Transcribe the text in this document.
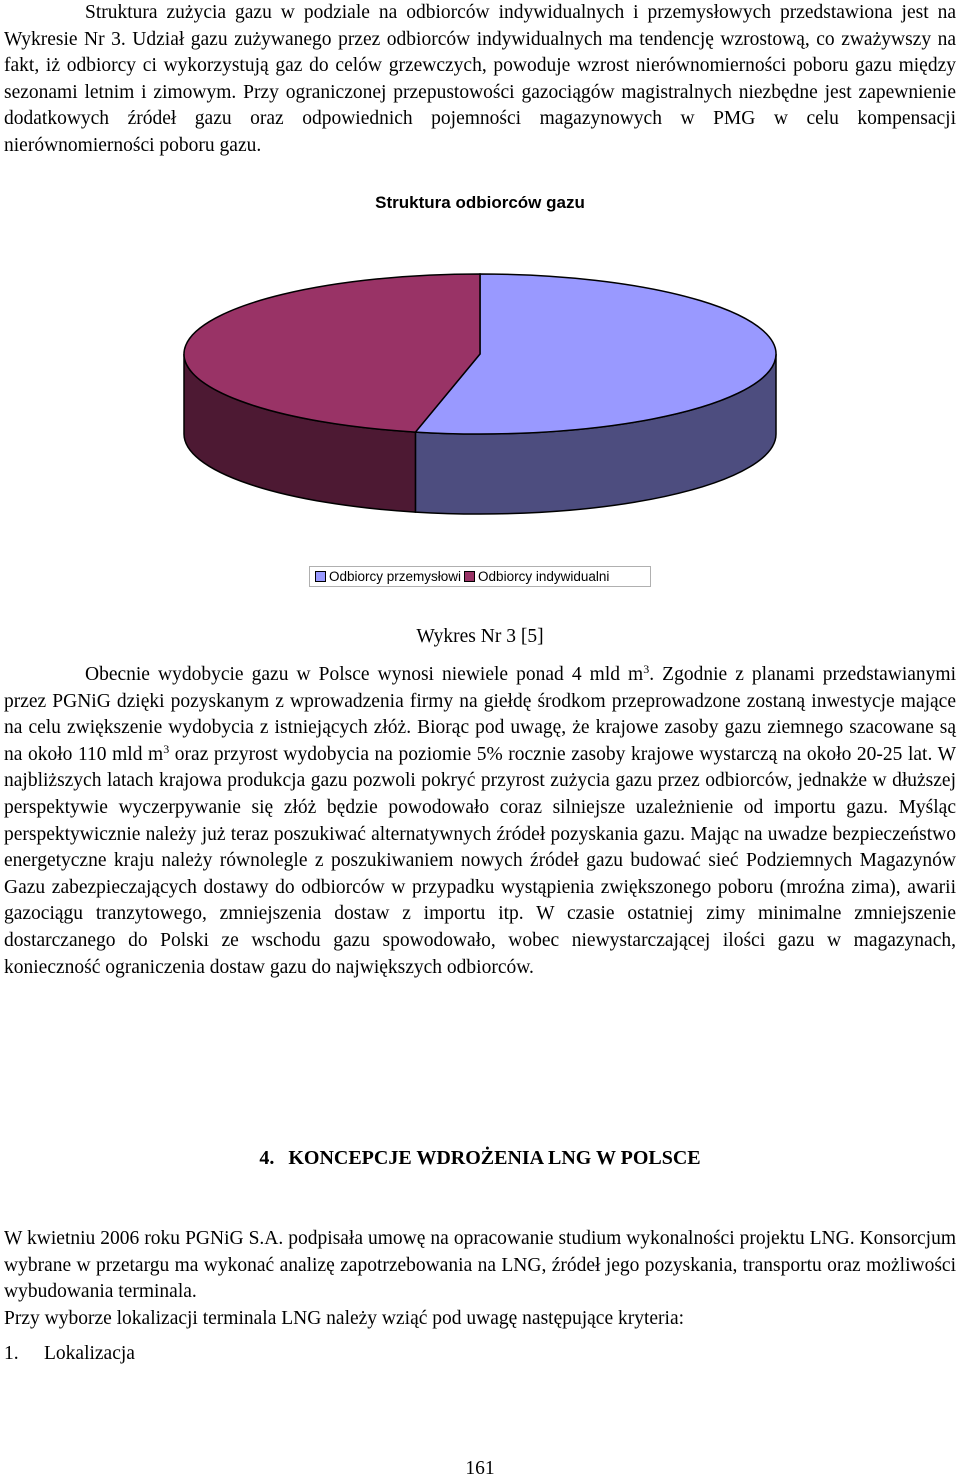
Struktura zużycia gazu w podziale na odbiorców indywidualnych i przemysłowych przedstawiona jest na Wykresie Nr 3. Udział gazu zużywanego przez odbiorców indywidualnych ma tendencję wzrostową, co zważywszy na fakt, iż odbiorcy ci wykorzystują gaz do celów grzewczych, powoduje wzrost nierównomierności poboru gazu między sezonami letnim i zimowym. Przy ograniczonej przepustowości gazociągów magistralnych niezbędne jest zapewnienie dodatkowych źródeł gazu oraz odpowiednich pojemności magazynowych w PMG w celu kompensacji nierównomierności poboru gazu.

Struktura odbiorców gazu
Odbiorcy przemysłowi Odbiorcy indywidualni
Wykres Nr 3 [5]

Obecnie wydobycie gazu w Polsce wynosi niewiele ponad 4 mld $m^3$. Zgodnie z planami przedstawianymi przez PGNiG dzięki pozyskanym z wprowadzenia firmy na giełdę środkom przeprowadzone zostaną inwestycje mające na celu zwiększenie wydobycia z istniejących złóż. Biorąc pod uwagę, że krajowe zasoby gazu ziemnego szacowane są na około 110 mld $m^3$ oraz przyrost wydobycia na poziomie 5% rocznie zasoby krajowe wystarczą na około 20-25 lat. W najbliższych latach krajowa produkcja gazu pozwoli pokryć przyrost zużycia gazu przez odbiorców, jednakże w dłuższej perspektywie wyczerpywanie się złóż będzie powodowało coraz silniejsze uzależnienie od importu gazu. Myśląc perspektywicznie należy już teraz poszukiwać alternatywnych źródeł pozyskania gazu. Mając na uwadze bezpieczeństwo energetyczne kraju należy równolegle z poszukiwaniem nowych źródeł gazu budować sieć Podziemnych Magazynów Gazu zabezpieczających dostawy do odbiorców w przypadku wystąpienia zwiększonego poboru (mroźna zima), awarii gazociągu tranzytowego, zmniejszenia dostaw z importu itp. W czasie ostatniej zimy minimalne zmniejszenie dostarczanego do Polski ze wschodu gazu spowodowało, wobec niewystarczającej ilości gazu w magazynach, konieczność ograniczenia dostaw gazu do największych odbiorców.

4. KONCEPCJE WDROŻENIA LNG W POLSCE

W kwietniu 2006 roku PGNiG S.A. podpisała umowę na opracowanie studium wykonalności projektu LNG. Konsorcjum wybrane w przetargu ma wykonać analizę zapotrzebowania na LNG, źródeł jego pozyskania, transportu oraz możliwości wybudowania terminala.

Przy wyborze lokalizacji terminala LNG należy wziąć pod uwagę następujące kryteria:

1. Lokalizacja
161
